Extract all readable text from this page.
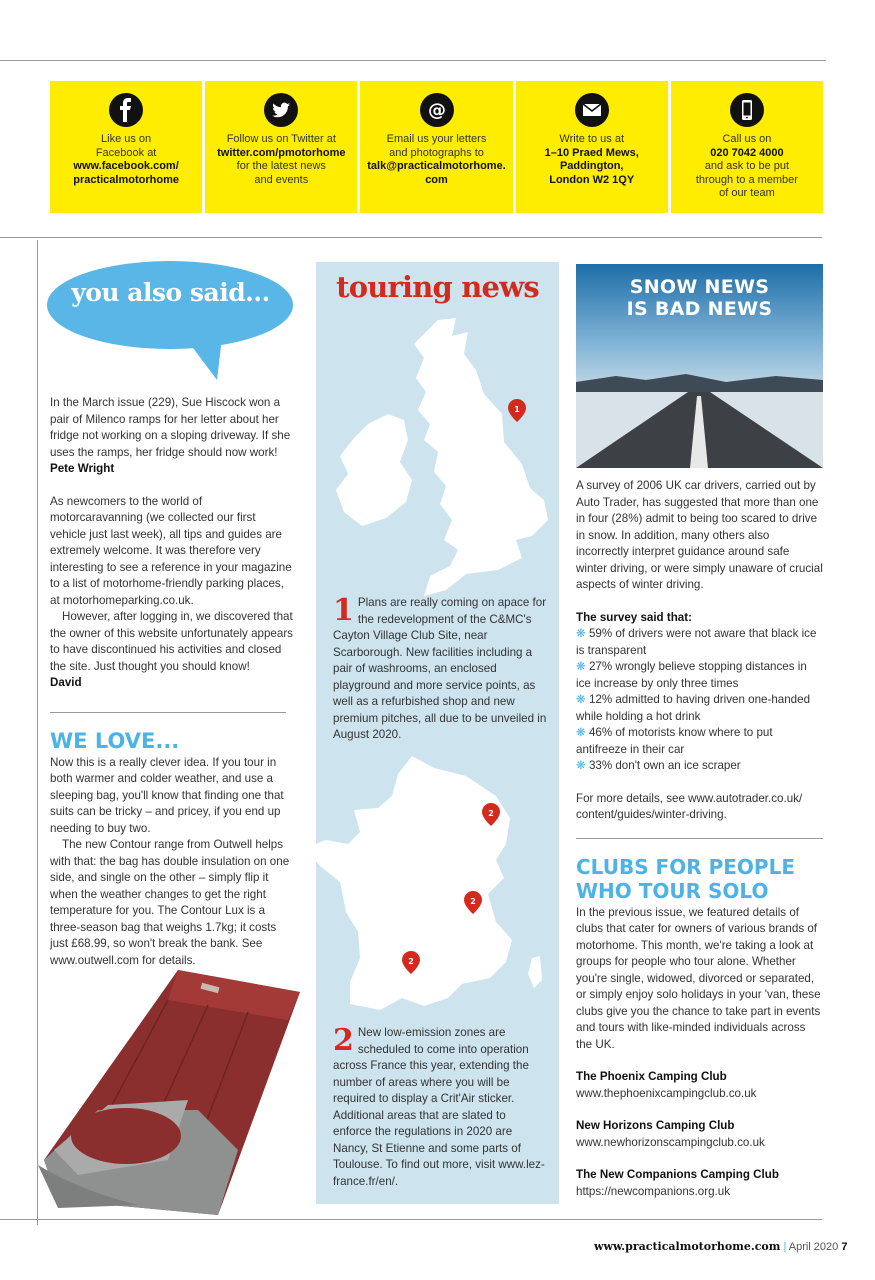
Like us on
Facebook at
www.facebook.com/
practicalmotorhome
Follow us on Twitter at
twitter.com/pmotorhome
for the latest news
and events
@
Email us your letters
and photographs to
talk@practicalmotorhome.
com
Write to us at
1–10 Praed Mews,
Paddington,
London W2 1QY
Call us on
020 7042 4000
and ask to be put
through to a member
of our team
you also said...

In the March issue (229), Sue Hiscock won a pair of Milenco ramps for her letter about her fridge not working on a sloping driveway. If she uses the ramps, her fridge should now work!

Pete Wright

As newcomers to the world of motorcaravanning (we collected our first vehicle just last week), all tips and guides are extremely welcome. It was therefore very interesting to see a reference in your magazine to a list of motorhome-friendly parking places, at motorhomeparking.co.uk.

However, after logging in, we discovered that the owner of this website unfortunately appears to have discontinued his activities and closed the site. Just thought you should know!

David

WE LOVE...

Now this is a really clever idea. If you tour in both warmer and colder weather, and use a sleeping bag, you'll know that finding one that suits can be tricky – and pricey, if you end up needing to buy two.

The new Contour range from Outwell helps with that: the bag has double insulation on one side, and single on the other – simply flip it when the weather changes to get the right temperature for you. The Contour Lux is a three-season bag that weighs 1.7kg; it costs just £68.99, so won't break the bank. See www.outwell.com for details.

touring news
1
1 Plans are really coming on apace for the redevelopment of the C&MC's Cayton Village Club Site, near Scarborough. New facilities including a pair of washrooms, an enclosed playground and more service points, as well as a refurbished shop and new premium pitches, all due to be unveiled in August 2020.
2
2
2
2 New low-emission zones are scheduled to come into operation across France this year, extending the number of areas where you will be required to display a Crit'Air sticker. Additional areas that are slated to enforce the regulations in 2020 are Nancy, St Etienne and some parts of Toulouse. To find out more, visit www.lez-france.fr/en/.
SNOW NEWS
IS BAD NEWS

A survey of 2006 UK car drivers, carried out by Auto Trader, has suggested that more than one in four (28%) admit to being too scared to drive in snow. In addition, many others also incorrectly interpret guidance around safe winter driving, or were simply unaware of crucial aspects of winter driving.

The survey said that:

❋ 59% of drivers were not aware that black ice is transparent

❋ 27% wrongly believe stopping distances in ice increase by only three times

❋ 12% admitted to having driven one-handed while holding a hot drink

❋ 46% of motorists know where to put antifreeze in their car

❋ 33% don't own an ice scraper

For more details, see www.autotrader.co.uk/ content/guides/winter-driving.

CLUBS FOR PEOPLE
WHO TOUR SOLO

In the previous issue, we featured details of clubs that cater for owners of various brands of motorhome. This month, we're taking a look at groups for people who tour alone. Whether you're single, widowed, divorced or separated, or simply enjoy solo holidays in your 'van, these clubs give you the chance to take part in events and tours with like-minded individuals across the UK.

The Phoenix Camping Club

www.thephoenixcampingclub.co.uk

New Horizons Camping Club

www.newhorizonscampingclub.co.uk

The New Companions Camping Club

https://newcompanions.org.uk

www.practicalmotorhome.com | April 2020 7
